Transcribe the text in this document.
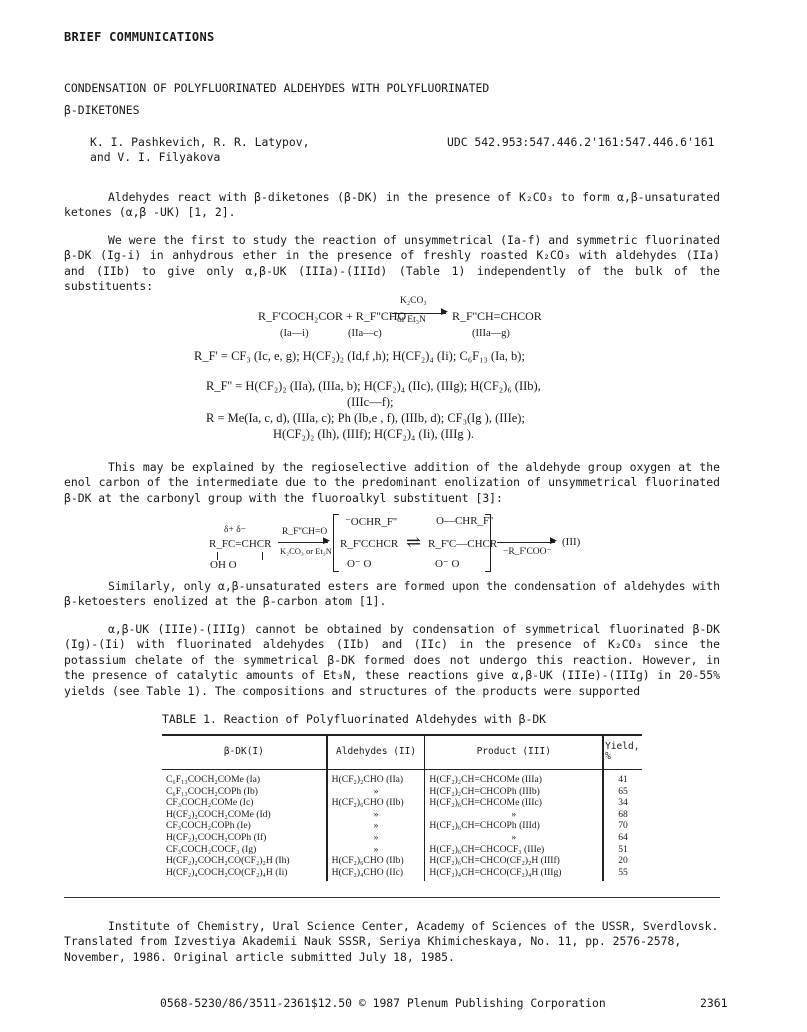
BRIEF COMMUNICATIONS
CONDENSATION OF POLYFLUORINATED ALDEHYDES WITH POLYFLUORINATED
β-DIKETONES
K. I. Pashkevich, R. R. Latypov,
and V. I. Filyakova
UDC 542.953:547.446.2'161:547.446.6'161

Aldehydes react with β-diketones (β-DK) in the presence of K₂CO₃ to form α,β-unsaturated ketones (α,β -UK) [1, 2].

We were the first to study the reaction of unsymmetrical (Ia-f) and symmetric fluorinated β-DK (Ig-i) in anhydrous ether in the presence of freshly roasted K₂CO₃ with aldehydes (IIa) and (IIb) to give only α,β-UK (IIIa)-(IIId) (Table 1) independently of the bulk of the substituents:

R_F'COCH₂COR + R_F''CHO
K₂CO₃
▶
or Et₃N R_F''CH=CHCOR
(Ia—i)	(IIa—c)	(IIIa—g)
R_F' = CF₃ (Ic, e, g); H(CF₂)₂ (Id,f ,h); H(CF₂)₄ (Ii); C₆F₁₃ (Ia, b);
R_F'' = H(CF₂)₂ (IIa), (IIIa, b); H(CF₂)₄ (IIc), (IIIg); H(CF₂)₆ (IIb),
(IIIc—f);
R = Me(Ia, c, d), (IIIa, c); Ph (Ib,e , f), (IIIb, d); CF₃(Ig ), (IIIe);
H(CF₂)₂ (Ih), (IIIf); H(CF₂)₄ (Ii), (IIIg ).

This may be explained by the regioselective addition of the aldehyde group oxygen at the enol carbon of the intermediate due to the predominant enolization of unsymmetrical fluorinated β-DK at the carbonyl group with the fluoroalkyl substituent [3]:

δ+ δ−
R_FC=CHCR
OH O
R_F''CH=O
▶
K₂CO₃ or Et₃N
⁻OCHR_F''
R_F'CCHCR
O⁻ O
⇌
O—CHR_F''
R_F'C—CHCR
O⁻ O
▶
−R_F'COO⁻
(III)

Similarly, only α,β-unsaturated esters are formed upon the condensation of aldehydes with β-ketoesters enolized at the β-carbon atom [1].

α,β-UK (IIIe)-(IIIg) cannot be obtained by condensation of symmetrical fluorinated β-DK (Ig)-(Ii) with fluorinated aldehydes (IIb) and (IIc) in the presence of K₂CO₃ since the potassium chelate of the symmetrical β-DK formed does not undergo this reaction. However, in the presence of catalytic amounts of Et₃N, these reactions give α,β-UK (IIIe)-(IIIg) in 20-55% yields (see Table 1). The compositions and structures of the products were supported

TABLE 1. Reaction of Polyfluorinated Aldehydes with β-DK
β-DK(I)	Aldehydes (II)	Product (III)	Yield, %
C₆F₁₃COCH₂COMe (Ia)	H(CF₂)₂CHO (IIa)	H(CF₂)₂CH=CHCOMe (IIIa)	41
C₆F₁₃COCH₂COPh (Ib)	»	H(CF₂)₂CH=CHCOPh (IIIb)	65
CF₃COCH₂COMe (Ic)	H(CF₂)₆CHO (IIb)	H(CF₂)₆CH=CHCOMe (IIIc)	34
H(CF₂)₂COCH₂COMe (Id)	»	»	68
CF₃COCH₂COPh (Ie)	»	H(CF₂)₆CH=CHCOPh (IIId)	70
H(CF₂)₂COCH₂COPh (If)	»	»	64
CF₃COCH₂COCF₃ (Ig)	»	H(CF₂)₆CH=CHCOCF₃ (IIIe)	51
H(CF₂)₂COCH₂CO(CF₂)₂H (Ih)	H(CF₂)₆CHO (IIb)	H(CF₂)₆CH=CHCO(CF₂)₂H (IIIf)	20
H(CF₂)₄COCH₂CO(CF₂)₄H (Ii)	H(CF₂)₄CHO (IIc)	H(CF₂)₄CH=CHCO(CF₂)₄H (IIIg)	55

Institute of Chemistry, Ural Science Center, Academy of Sciences of the USSR, Sverdlovsk. Translated from Izvestiya Akademii Nauk SSSR, Seriya Khimicheskaya, No. 11, pp. 2576-2578, November, 1986. Original article submitted July 18, 1985.

0568-5230/86/3511-2361$12.50 © 1987 Plenum Publishing Corporation	2361
